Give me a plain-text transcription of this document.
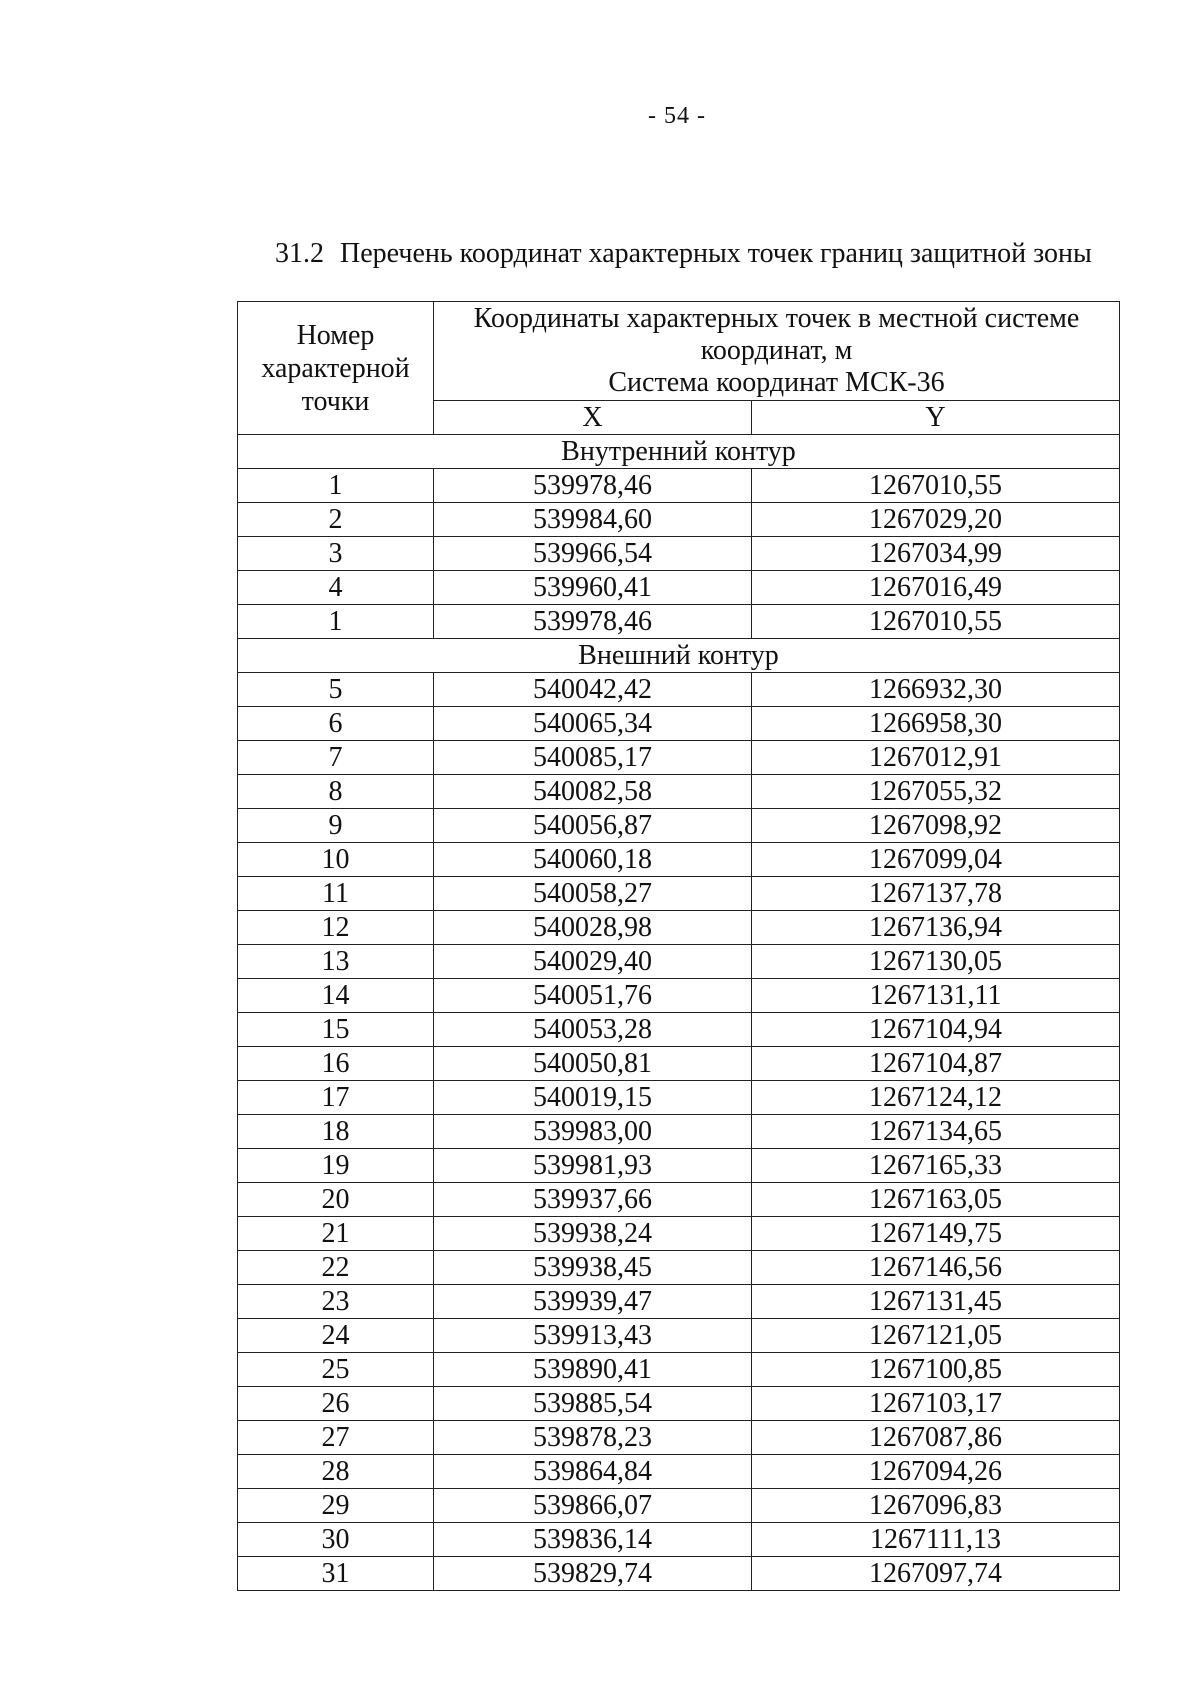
- 54 -
31.2 Перечень координат характерных точек границ защитной зоны
Номер характерной точки	Координаты характерных точек в местной системе координат, м
Система координат МСК-36	

	X	Y
Внутренний контур		
1	539978,46	1267010,55
2	539984,60	1267029,20
3	539966,54	1267034,99
4	539960,41	1267016,49
1	539978,46	1267010,55
Внешний контур		
5	540042,42	1266932,30
6	540065,34	1266958,30
7	540085,17	1267012,91
8	540082,58	1267055,32
9	540056,87	1267098,92
10	540060,18	1267099,04
11	540058,27	1267137,78
12	540028,98	1267136,94
13	540029,40	1267130,05
14	540051,76	1267131,11
15	540053,28	1267104,94
16	540050,81	1267104,87
17	540019,15	1267124,12
18	539983,00	1267134,65
19	539981,93	1267165,33
20	539937,66	1267163,05
21	539938,24	1267149,75
22	539938,45	1267146,56
23	539939,47	1267131,45
24	539913,43	1267121,05
25	539890,41	1267100,85
26	539885,54	1267103,17
27	539878,23	1267087,86
28	539864,84	1267094,26
29	539866,07	1267096,83
30	539836,14	1267111,13
31	539829,74	1267097,74
